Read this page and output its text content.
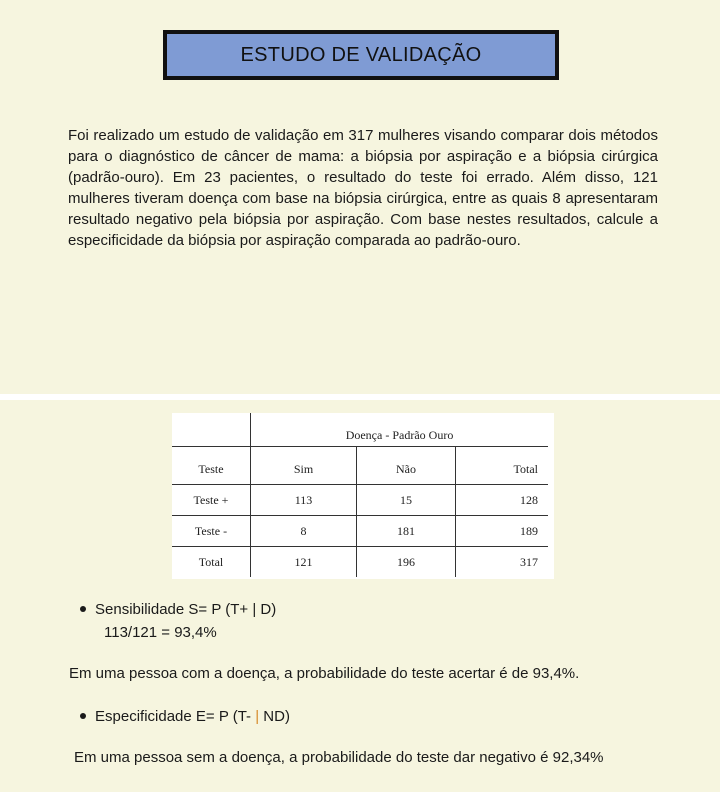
ESTUDO DE VALIDAÇÃO

Foi realizado um estudo de validação em 317 mulheres visando comparar dois métodos para o diagnóstico de câncer de mama: a biópsia por aspiração e a biópsia cirúrgica (padrão-ouro). Em 23 pacientes, o resultado do teste foi errado. Além disso, 121 mulheres tiveram doença com base na biópsia cirúrgica, entre as quais 8 apresentaram resultado negativo pela biópsia por aspiração. Com base nestes resultados, calcule a especificidade da biópsia por aspiração comparada ao padrão-ouro.

	Doença - Padrão Ouro		
Teste	Sim	Não	Total
Teste +	113	15	128
Teste -	8	181	189
Total	121	196	317
Sensibilidade S= P (T+ | D)
113/121 = 93,4%
Em uma pessoa com a doença, a probabilidade do teste acertar é de 93,4%.
Especificidade E= P (T- | ND)
Em uma pessoa sem a doença, a probabilidade do teste dar negativo é 92,34%
